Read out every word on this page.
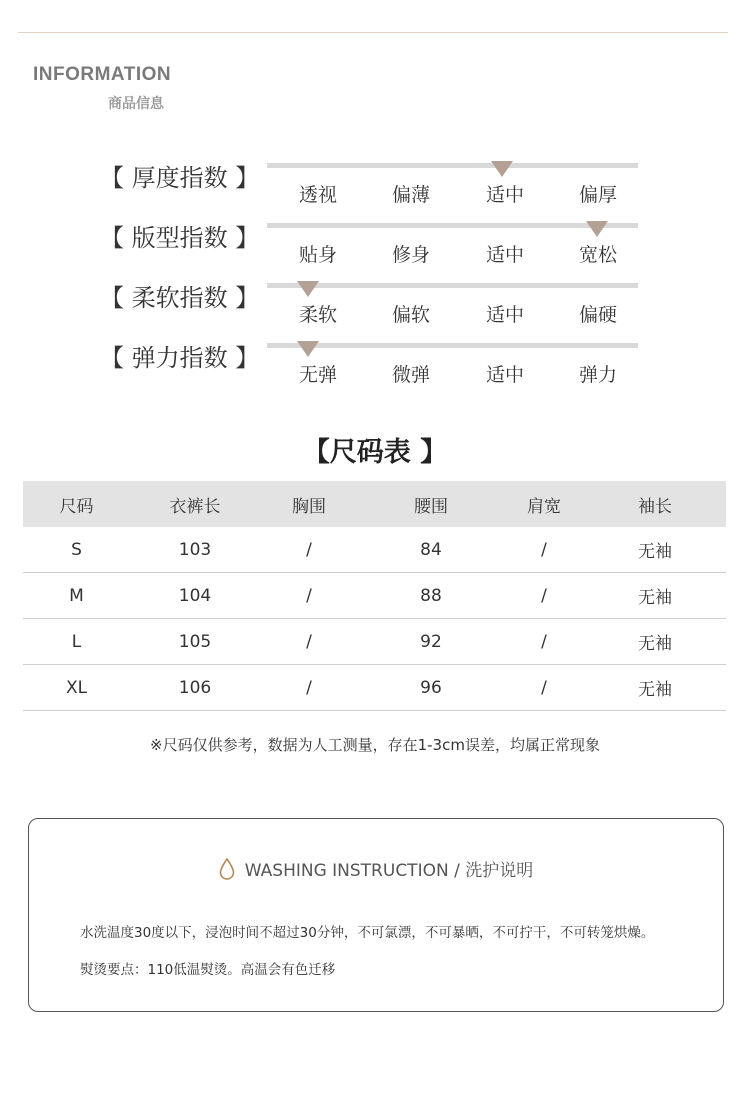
INFORMATION
商品信息
【 厚度指数 】
透视	偏薄	适中	偏厚
【 版型指数 】
贴身	修身	适中	宽松
【 柔软指数 】
柔软	偏软	适中	偏硬
【 弹力指数 】
无弹	微弹	适中	弹力
【尺码表 】
尺码	衣裤长	胸围	腰围	肩宽	袖长
S	103	/	84	/	无袖
M	104	/	88	/	无袖
L	105	/	92	/	无袖
XL	106	/	96	/	无袖
※尺码仅供参考，数据为人工测量，存在1-3cm误差，均属正常现象
WASHING INSTRUCTION / 洗护说明
水洗温度30度以下，浸泡时间不超过30分钟，不可氯漂，不可暴晒，不可拧干，不可转笼烘燥。
熨烫要点：110低温熨烫。高温会有色迁移
